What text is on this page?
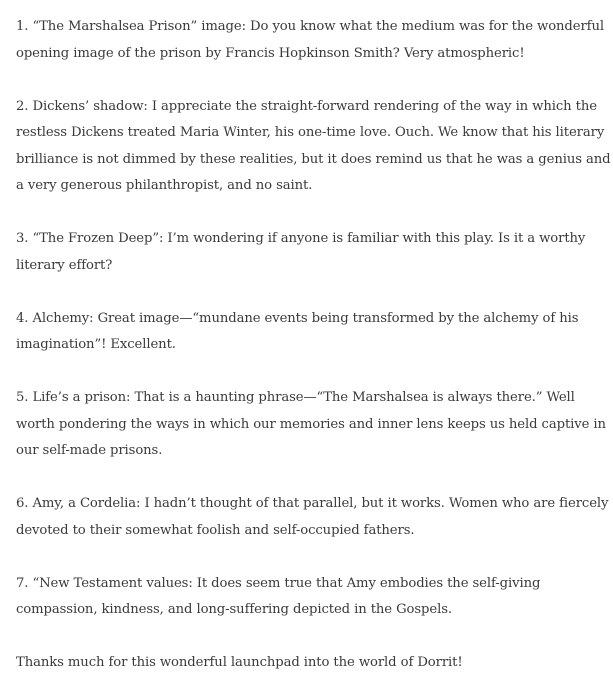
1. “The Marshalsea Prison” image: Do you know what the medium was for the wonderful opening image of the prison by Francis Hopkinson Smith? Very atmospheric!

2. Dickens’ shadow: I appreciate the straight-forward rendering of the way in which the restless Dickens treated Maria Winter, his one-time love. Ouch. We know that his literary brilliance is not dimmed by these realities, but it does remind us that he was a genius and a very generous philanthropist, and no saint.

3. “The Frozen Deep”: I’m wondering if anyone is familiar with this play. Is it a worthy literary effort?

4. Alchemy: Great image—“mundane events being transformed by the alchemy of his imagination”! Excellent.

5. Life’s a prison: That is a haunting phrase—“The Marshalsea is always there.” Well worth pondering the ways in which our memories and inner lens keeps us held captive in our self-made prisons.

6. Amy, a Cordelia: I hadn’t thought of that parallel, but it works. Women who are fiercely devoted to their somewhat foolish and self-occupied fathers.

7. “New Testament values: It does seem true that Amy embodies the self-giving compassion, kindness, and long-suffering depicted in the Gospels.

Thanks much for this wonderful launchpad into the world of Dorrit!
